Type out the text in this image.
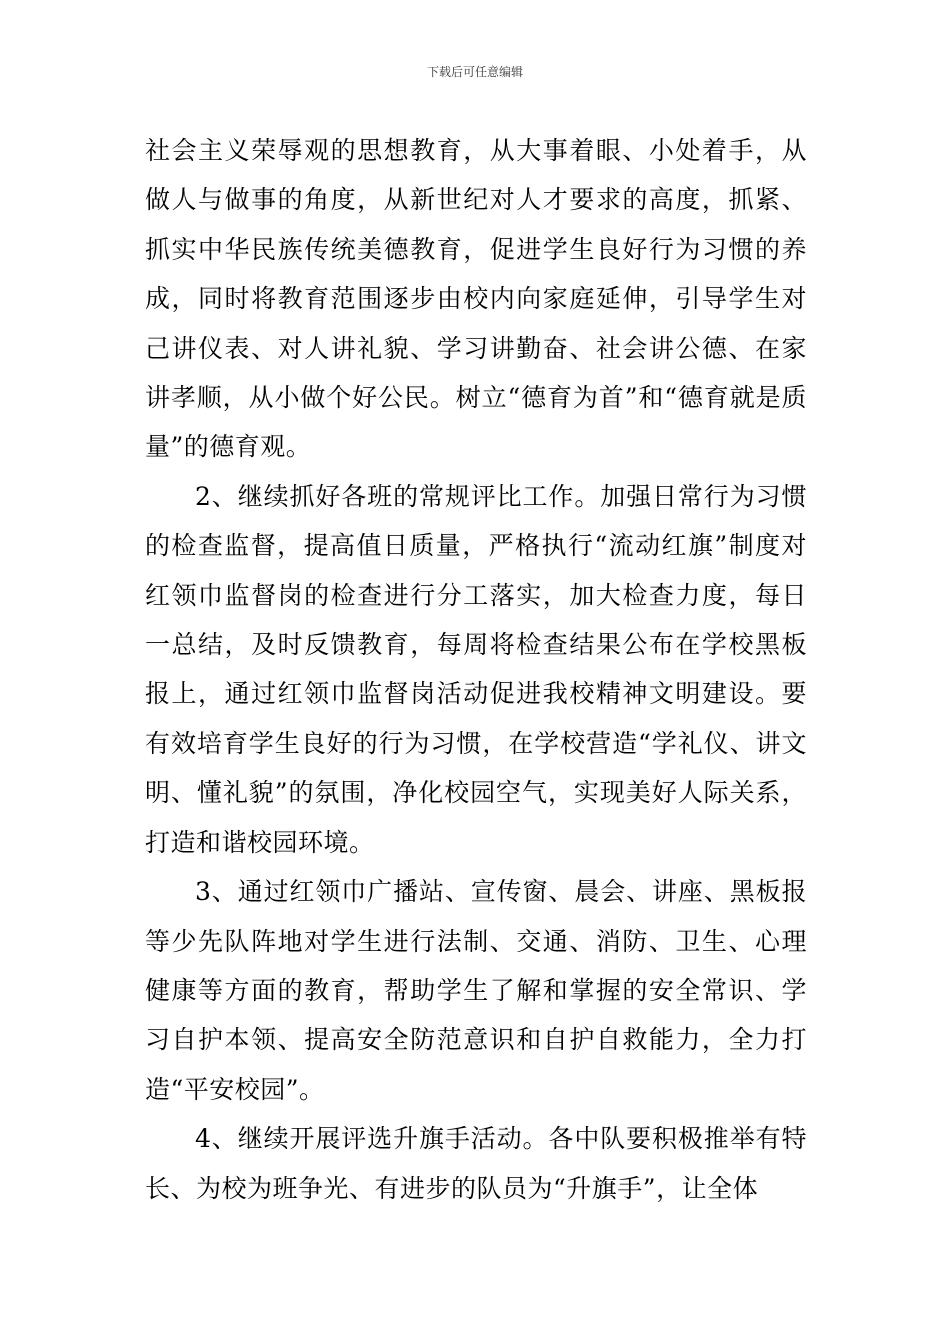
下载后可任意编辑

社会主义荣辱观的思想教育，从大事着眼、小处着手，从做人与做事的角度，从新世纪对人才要求的高度，抓紧、抓实中华民族传统美德教育，促进学生良好行为习惯的养成，同时将教育范围逐步由校内向家庭延伸，引导学生对己讲仪表、对人讲礼貌、学习讲勤奋、社会讲公德、在家讲孝顺，从小做个好公民。树立“德育为首”和“德育就是质量”的德育观。

2、继续抓好各班的常规评比工作。加强日常行为习惯的检查监督，提高值日质量，严格执行“流动红旗”制度对红领巾监督岗的检查进行分工落实，加大检查力度，每日一总结，及时反馈教育，每周将检查结果公布在学校黑板报上，通过红领巾监督岗活动促进我校精神文明建设。要有效培育学生良好的行为习惯，在学校营造“学礼仪、讲文明、懂礼貌”的氛围，净化校园空气，实现美好人际关系，打造和谐校园环境。

3、通过红领巾广播站、宣传窗、晨会、讲座、黑板报等少先队阵地对学生进行法制、交通、消防、卫生、心理健康等方面的教育，帮助学生了解和掌握的安全常识、学习自护本领、提高安全防范意识和自护自救能力，全力打造“平安校园”。

4、继续开展评选升旗手活动。各中队要积极推举有特长、为校为班争光、有进步的队员为“升旗手”，让全体
